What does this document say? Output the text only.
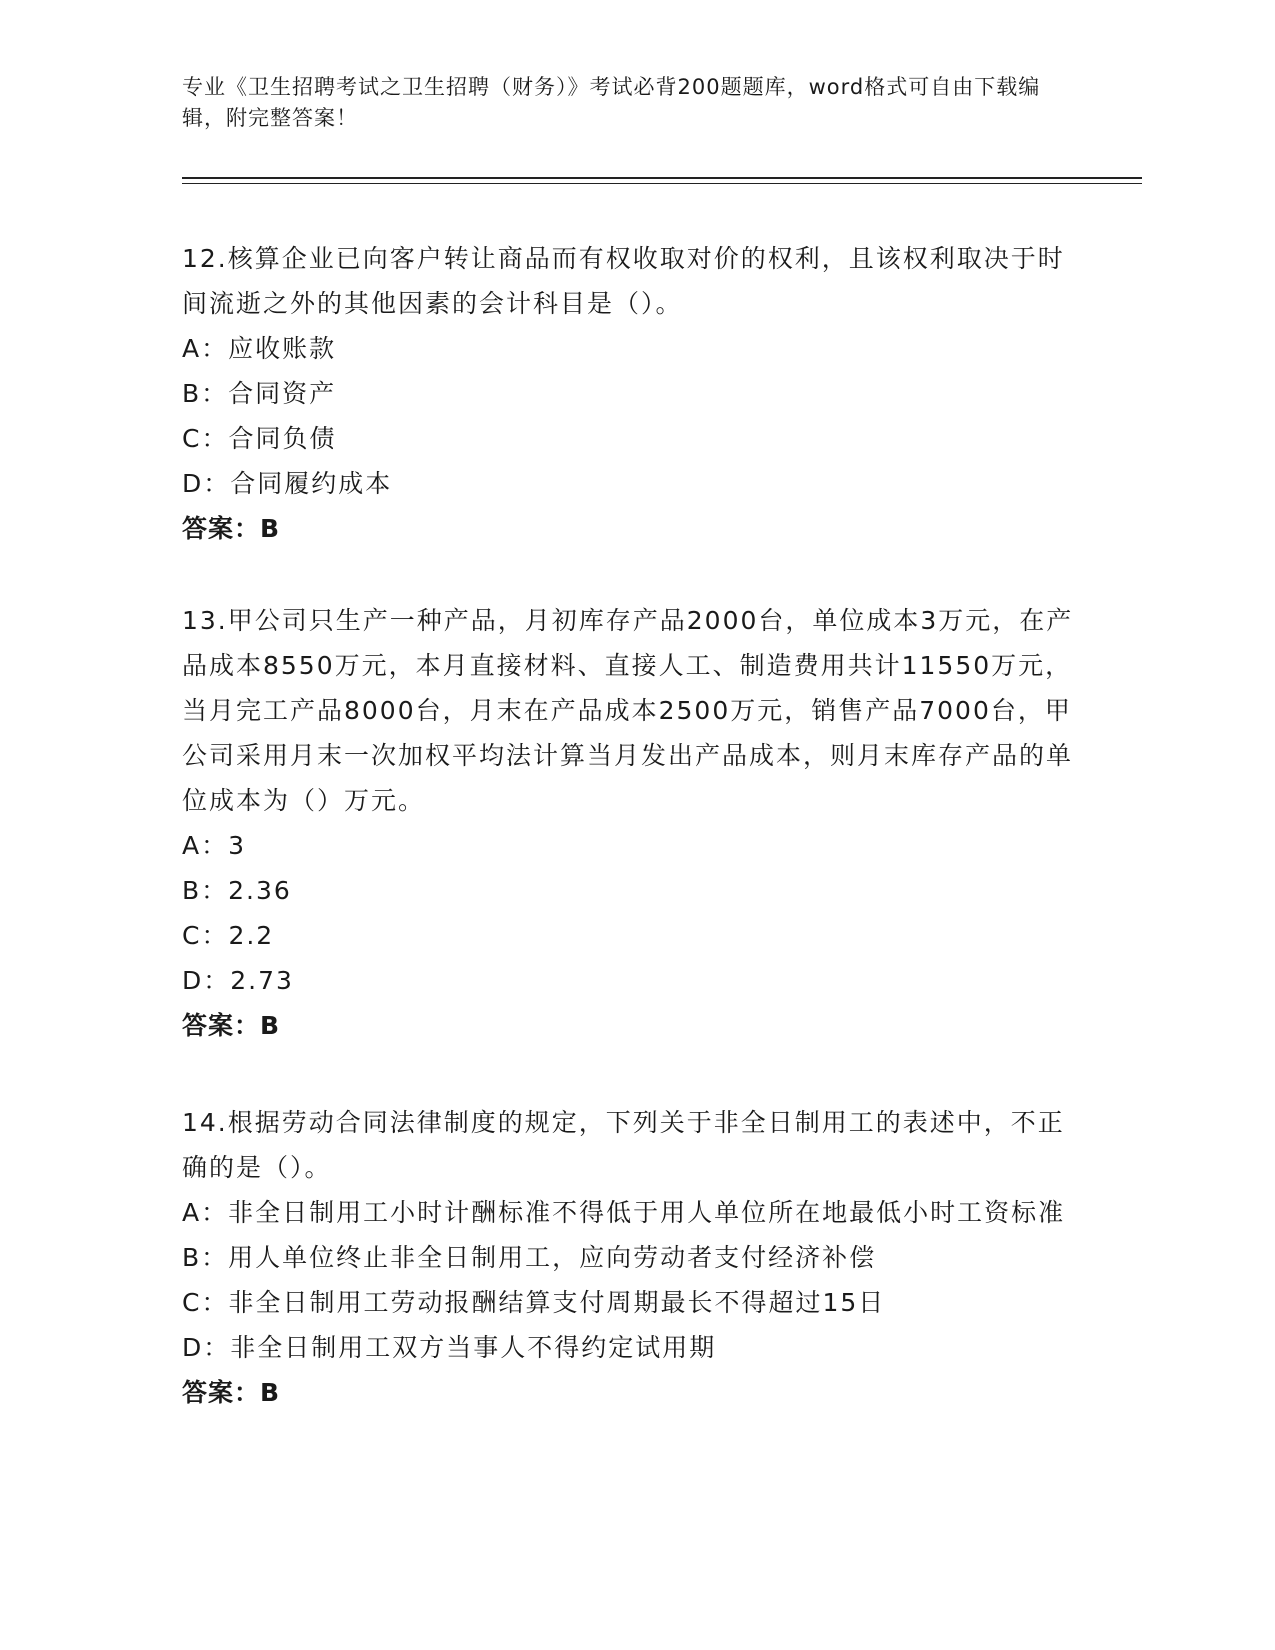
专业《卫生招聘考试之卫生招聘（财务）》考试必背200题题库，word格式可自由下载编辑，附完整答案！

12.核算企业已向客户转让商品而有权收取对价的权利，且该权利取决于时间流逝之外的其他因素的会计科目是（）。

A：应收账款

B：合同资产

C：合同负债

D：合同履约成本

答案：B

13.甲公司只生产一种产品，月初库存产品2000台，单位成本3万元，在产品成本8550万元，本月直接材料、直接人工、制造费用共计11550万元，当月完工产品8000台，月末在产品成本2500万元，销售产品7000台，甲公司采用月末一次加权平均法计算当月发出产品成本，则月末库存产品的单位成本为（）万元。

A：3

B：2.36

C：2.2

D：2.73

答案：B

14.根据劳动合同法律制度的规定，下列关于非全日制用工的表述中，不正确的是（）。

A：非全日制用工小时计酬标准不得低于用人单位所在地最低小时工资标准

B：用人单位终止非全日制用工，应向劳动者支付经济补偿

C：非全日制用工劳动报酬结算支付周期最长不得超过15日

D：非全日制用工双方当事人不得约定试用期

答案：B
